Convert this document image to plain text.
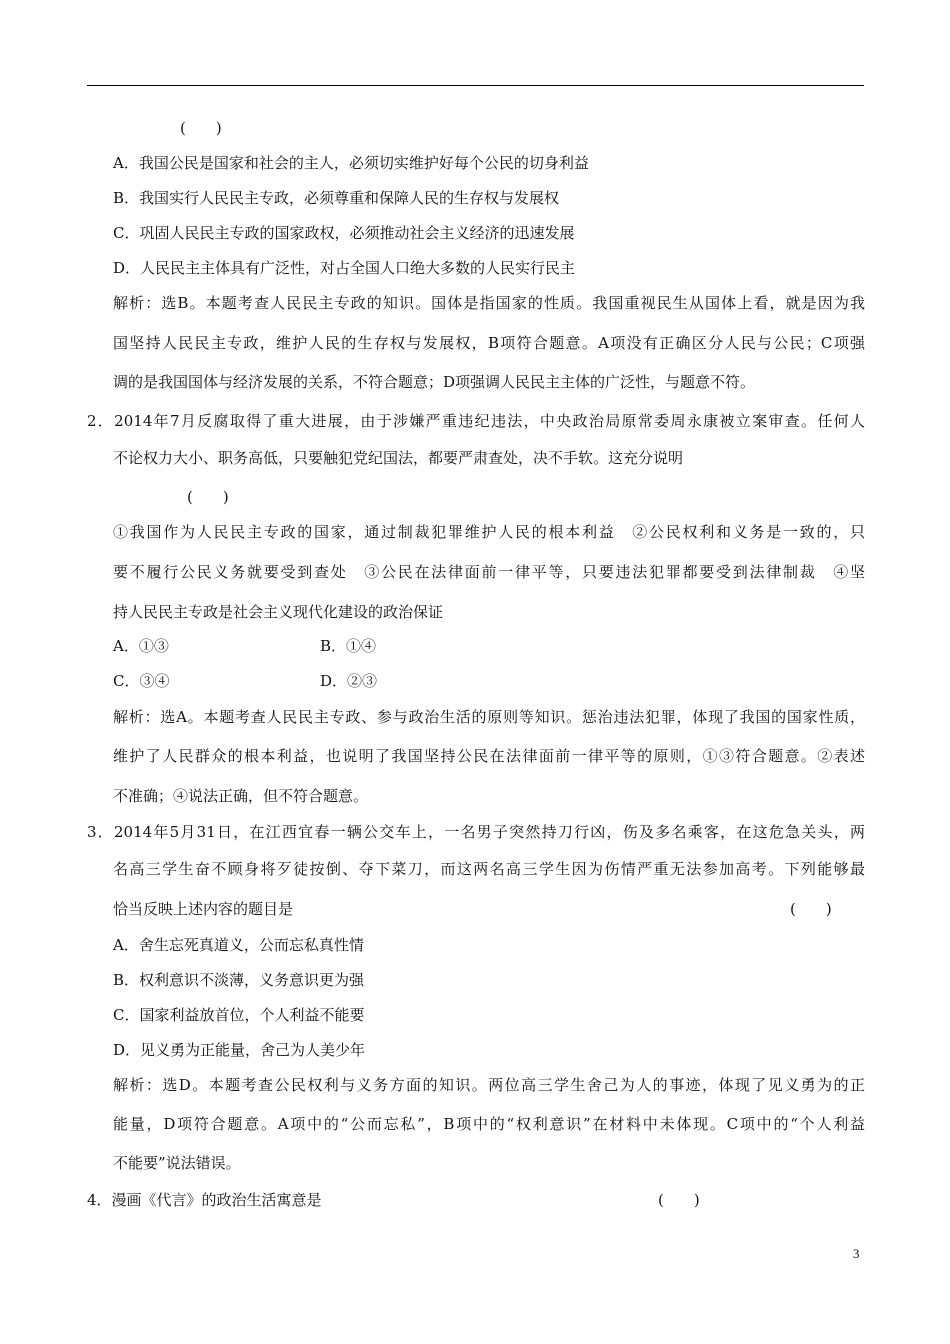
(　　)
A．我国公民是国家和社会的主人，必须切实维护好每个公民的切身利益
B．我国实行人民民主专政，必须尊重和保障人民的生存权与发展权
C．巩固人民民主专政的国家政权，必须推动社会主义经济的迅速发展
D．人民民主主体具有广泛性，对占全国人口绝大多数的人民实行民主
解析：选B。本题考查人民民主专政的知识。国体是指国家的性质。我国重视民生从国体上看，就是因为我
国坚持人民民主专政，维护人民的生存权与发展权，B项符合题意。A项没有正确区分人民与公民；C项强
调的是我国国体与经济发展的关系，不符合题意；D项强调人民民主主体的广泛性，与题意不符。
2．2014年7月反腐取得了重大进展，由于涉嫌严重违纪违法，中央政治局原常委周永康被立案审查。任何人
不论权力大小、职务高低，只要触犯党纪国法，都要严肃查处，决不手软。这充分说明
(　　)
①我国作为人民民主专政的国家，通过制裁犯罪维护人民的根本利益　②公民权利和义务是一致的，只
要不履行公民义务就要受到查处　③公民在法律面前一律平等，只要违法犯罪都要受到法律制裁　④坚
持人民民主专政是社会主义现代化建设的政治保证
A．①③	B．①④
C．③④	D．②③
解析：选A。本题考查人民民主专政、参与政治生活的原则等知识。惩治违法犯罪，体现了我国的国家性质，
维护了人民群众的根本利益，也说明了我国坚持公民在法律面前一律平等的原则，①③符合题意。②表述
不准确；④说法正确，但不符合题意。
3．2014年5月31日，在江西宜春一辆公交车上，一名男子突然持刀行凶，伤及多名乘客，在这危急关头，两
名高三学生奋不顾身将歹徒按倒、夺下菜刀，而这两名高三学生因为伤情严重无法参加高考。下列能够最
恰当反映上述内容的题目是	(　　)
A．舍生忘死真道义，公而忘私真性情
B．权利意识不淡薄，义务意识更为强
C．国家利益放首位，个人利益不能要
D．见义勇为正能量，舍己为人美少年
解析：选D。本题考查公民权利与义务方面的知识。两位高三学生舍己为人的事迹，体现了见义勇为的正
能量，D项符合题意。A项中的“公而忘私”，B项中的“权利意识”在材料中未体现。C项中的“个人利益
不能要”说法错误。
4．漫画《代言》的政治生活寓意是	(　　)
3
